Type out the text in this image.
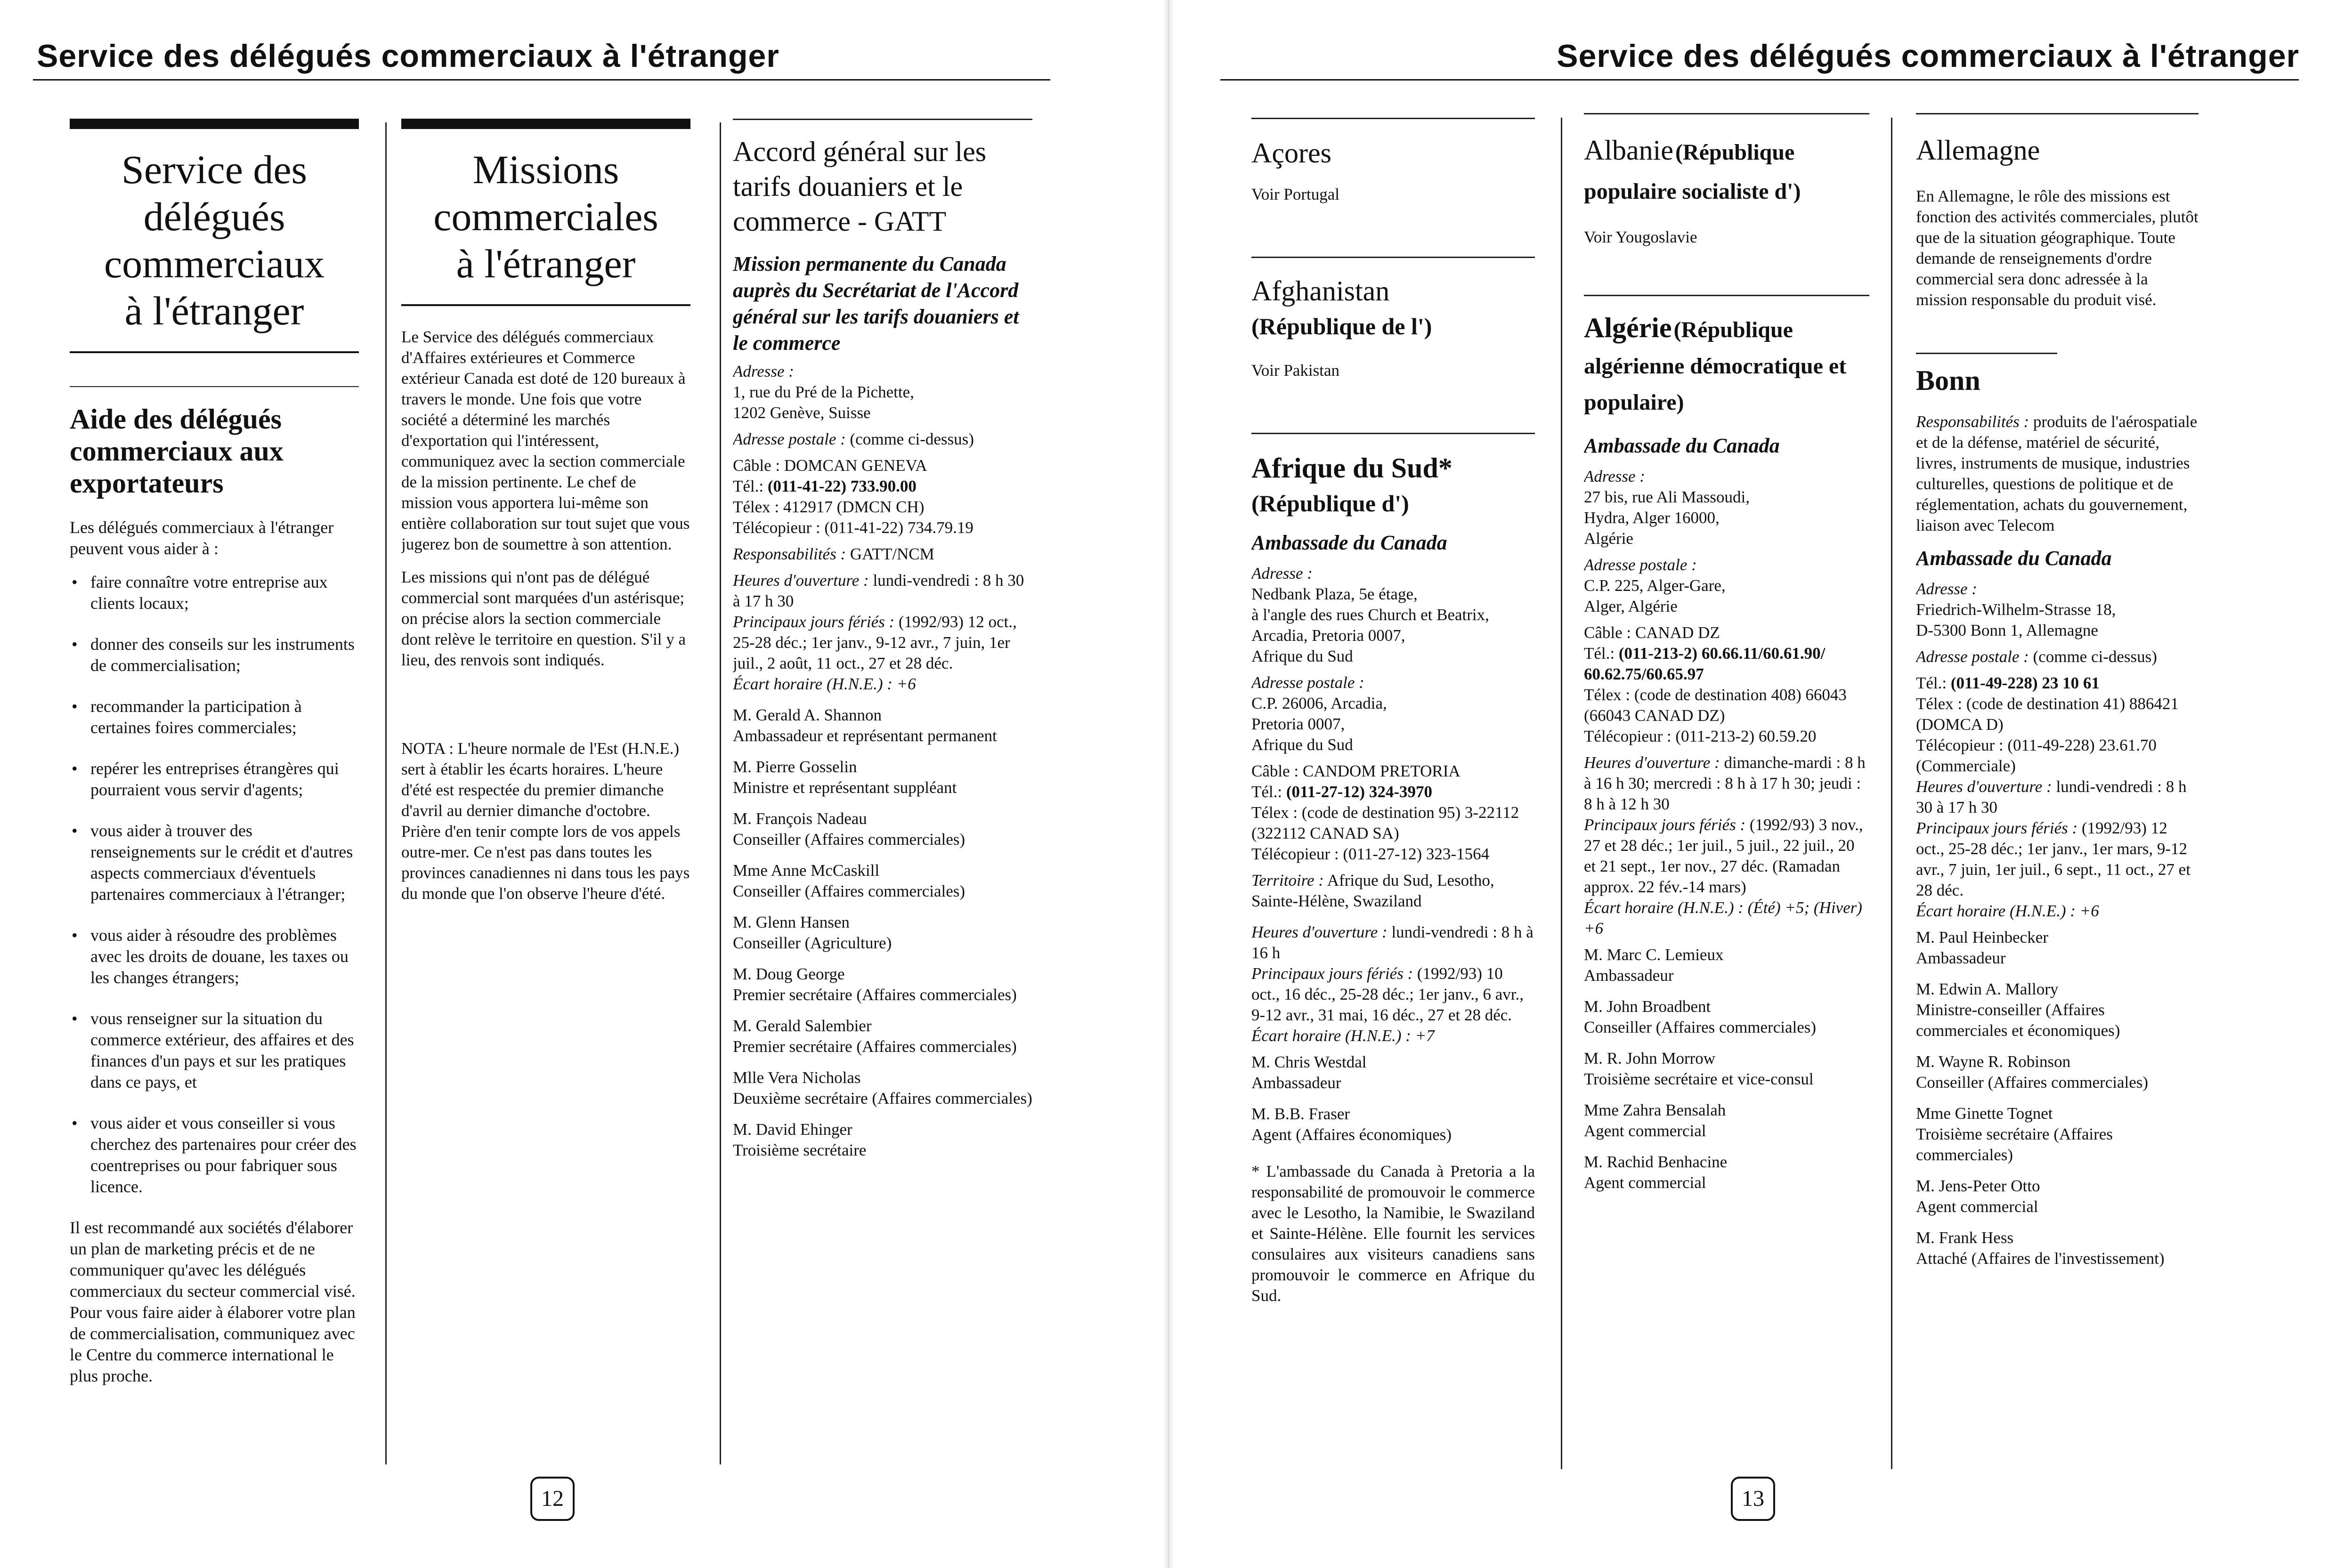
Service des délégués commerciaux à l'étranger
Service des
délégués
commerciaux
à l'étranger
Aide des délégués commerciaux aux exportateurs
Les délégués commerciaux à l'étranger peuvent vous aider à :
• faire connaître votre entreprise aux clients locaux;
• donner des conseils sur les instruments de commercialisation;
• recommander la participation à certaines foires commerciales;
• repérer les entreprises étrangères qui pourraient vous servir d'agents;
• vous aider à trouver des renseignements sur le crédit et d'autres aspects commerciaux d'éventuels partenaires commerciaux à l'étranger;
• vous aider à résoudre des problèmes avec les droits de douane, les taxes ou les changes étrangers;
• vous renseigner sur la situation du commerce extérieur, des affaires et des finances d'un pays et sur les pratiques dans ce pays, et
• vous aider et vous conseiller si vous cherchez des partenaires pour créer des coentreprises ou pour fabriquer sous licence.
Il est recommandé aux sociétés d'élaborer un plan de marketing précis et de ne communiquer qu'avec les délégués commerciaux du secteur commercial visé. Pour vous faire aider à élaborer votre plan de commercialisation, communiquez avec le Centre du commerce international le plus proche.
Missions
commerciales
à l'étranger
Le Service des délégués commerciaux d'Affaires extérieures et Commerce extérieur Canada est doté de 120 bureaux à travers le monde. Une fois que votre société a déterminé les marchés d'exportation qui l'intéressent, communiquez avec la section commerciale de la mission pertinente. Le chef de mission vous apportera lui-même son entière collaboration sur tout sujet que vous jugerez bon de soumettre à son attention.
Les missions qui n'ont pas de délégué commercial sont marquées d'un astérisque; on précise alors la section commerciale dont relève le territoire en question. S'il y a lieu, des renvois sont indiqués.
NOTA : L'heure normale de l'Est (H.N.E.) sert à établir les écarts horaires. L'heure d'été est respectée du premier dimanche d'avril au dernier dimanche d'octobre. Prière d'en tenir compte lors de vos appels outre-mer. Ce n'est pas dans toutes les provinces canadiennes ni dans tous les pays du monde que l'on observe l'heure d'été.
Accord général sur les tarifs douaniers et le commerce - GATT
Mission permanente du Canada auprès du Secrétariat de l'Accord général sur les tarifs douaniers et le commerce
Adresse :
1, rue du Pré de la Pichette,
1202 Genève, Suisse
Adresse postale : (comme ci-dessus)
Câble : DOMCAN GENEVA
Tél.: (011-41-22) 733.90.00
Télex : 412917 (DMCN CH)
Télécopieur : (011-41-22) 734.79.19
Responsabilités : GATT/NCM
Heures d'ouverture : lundi-vendredi : 8 h 30 à 17 h 30
Principaux jours fériés : (1992/93) 12 oct., 25-28 déc.; 1er janv., 9-12 avr., 7 juin, 1er juil., 2 août, 11 oct., 27 et 28 déc.
Écart horaire (H.N.E.) : +6
M. Gerald A. Shannon
Ambassadeur et représentant permanent
M. Pierre Gosselin
Ministre et représentant suppléant
M. François Nadeau
Conseiller (Affaires commerciales)
Mme Anne McCaskill
Conseiller (Affaires commerciales)
M. Glenn Hansen
Conseiller (Agriculture)
M. Doug George
Premier secrétaire (Affaires commerciales)
M. Gerald Salembier
Premier secrétaire (Affaires commerciales)
Mlle Vera Nicholas
Deuxième secrétaire (Affaires commerciales)
M. David Ehinger
Troisième secrétaire
12
Service des délégués commerciaux à l'étranger
Açores
Voir Portugal
Afghanistan
(République de l')
Voir Pakistan
Afrique du Sud*
(République d')
Ambassade du Canada
Adresse :
Nedbank Plaza, 5e étage,
à l'angle des rues Church et Beatrix,
Arcadia, Pretoria 0007,
Afrique du Sud
Adresse postale :
C.P. 26006, Arcadia,
Pretoria 0007,
Afrique du Sud
Câble : CANDOM PRETORIA
Tél.: (011-27-12) 324-3970
Télex : (code de destination 95) 3-22112 (322112 CANAD SA)
Télécopieur : (011-27-12) 323-1564
Territoire : Afrique du Sud, Lesotho, Sainte-Hélène, Swaziland
Heures d'ouverture : lundi-vendredi : 8 h à 16 h
Principaux jours fériés : (1992/93) 10 oct., 16 déc., 25-28 déc.; 1er janv., 6 avr., 9-12 avr., 31 mai, 16 déc., 27 et 28 déc.
Écart horaire (H.N.E.) : +7
M. Chris Westdal
Ambassadeur
M. B.B. Fraser
Agent (Affaires économiques)
* L'ambassade du Canada à Pretoria a la responsabilité de promouvoir le commerce avec le Lesotho, la Namibie, le Swaziland et Sainte-Hélène. Elle fournit les services consulaires aux visiteurs canadiens sans promouvoir le commerce en Afrique du Sud.
Albanie (République populaire socialiste d')
Voir Yougoslavie
Algérie (République algérienne démocratique et populaire)
Ambassade du Canada
Adresse :
27 bis, rue Ali Massoudi,
Hydra, Alger 16000,
Algérie
Adresse postale :
C.P. 225, Alger-Gare,
Alger, Algérie
Câble : CANAD DZ
Tél.: (011-213-2) 60.66.11/60.61.90/ 60.62.75/60.65.97
Télex : (code de destination 408) 66043 (66043 CANAD DZ)
Télécopieur : (011-213-2) 60.59.20
Heures d'ouverture : dimanche-mardi : 8 h à 16 h 30; mercredi : 8 h à 17 h 30; jeudi : 8 h à 12 h 30
Principaux jours fériés : (1992/93) 3 nov., 27 et 28 déc.; 1er juil., 5 juil., 22 juil., 20 et 21 sept., 1er nov., 27 déc. (Ramadan approx. 22 fév.-14 mars)
Écart horaire (H.N.E.) : (Été) +5; (Hiver) +6
M. Marc C. Lemieux
Ambassadeur
M. John Broadbent
Conseiller (Affaires commerciales)
M. R. John Morrow
Troisième secrétaire et vice-consul
Mme Zahra Bensalah
Agent commercial
M. Rachid Benhacine
Agent commercial
Allemagne
En Allemagne, le rôle des missions est fonction des activités commerciales, plutôt que de la situation géographique. Toute demande de renseignements d'ordre commercial sera donc adressée à la mission responsable du produit visé.
Bonn
Responsabilités : produits de l'aérospatiale et de la défense, matériel de sécurité, livres, instruments de musique, industries culturelles, questions de politique et de réglementation, achats du gouvernement, liaison avec Telecom
Ambassade du Canada
Adresse :
Friedrich-Wilhelm-Strasse 18,
D-5300 Bonn 1, Allemagne
Adresse postale : (comme ci-dessus)
Tél.: (011-49-228) 23 10 61
Télex : (code de destination 41) 886421 (DOMCA D)
Télécopieur : (011-49-228) 23.61.70 (Commerciale)
Heures d'ouverture : lundi-vendredi : 8 h 30 à 17 h 30
Principaux jours fériés : (1992/93) 12 oct., 25-28 déc.; 1er janv., 1er mars, 9-12 avr., 7 juin, 1er juil., 6 sept., 11 oct., 27 et 28 déc.
Écart horaire (H.N.E.) : +6
M. Paul Heinbecker
Ambassadeur
M. Edwin A. Mallory
Ministre-conseiller (Affaires commerciales et économiques)
M. Wayne R. Robinson
Conseiller (Affaires commerciales)
Mme Ginette Tognet
Troisième secrétaire (Affaires commerciales)
M. Jens-Peter Otto
Agent commercial
M. Frank Hess
Attaché (Affaires de l'investissement)
13
